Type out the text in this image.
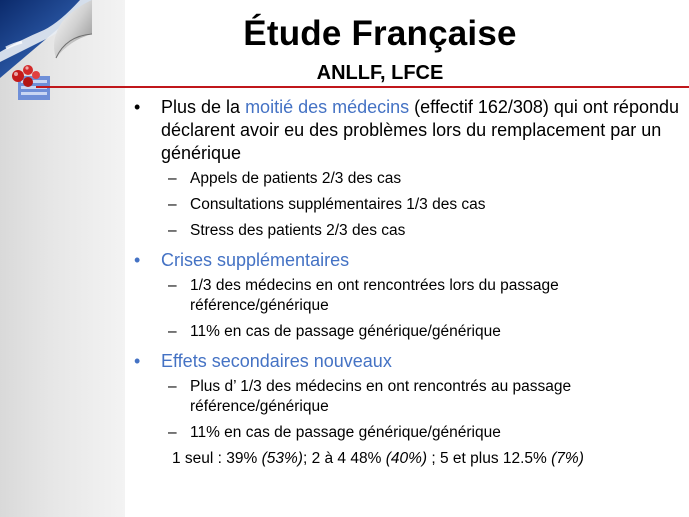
Étude Française
ANLLF, LFCE
• Plus de la moitié des médecins (effectif 162/308) qui ont répondu déclarent avoir eu des problèmes lors du remplacement par un générique
– Appels de patients 2/3 des cas
– Consultations supplémentaires 1/3 des cas
– Stress des patients 2/3 des cas
• Crises supplémentaires
– 1/3 des médecins en ont rencontrées lors du passage référence/générique
– 11% en cas de passage générique/générique
• Effets secondaires nouveaux
– Plus d’ 1/3 des médecins en ont rencontrés au passage référence/générique
– 11% en cas de passage générique/générique
1 seul : 39% (53%); 2 à 4 48% (40%) ; 5 et plus 12.5% (7%)
